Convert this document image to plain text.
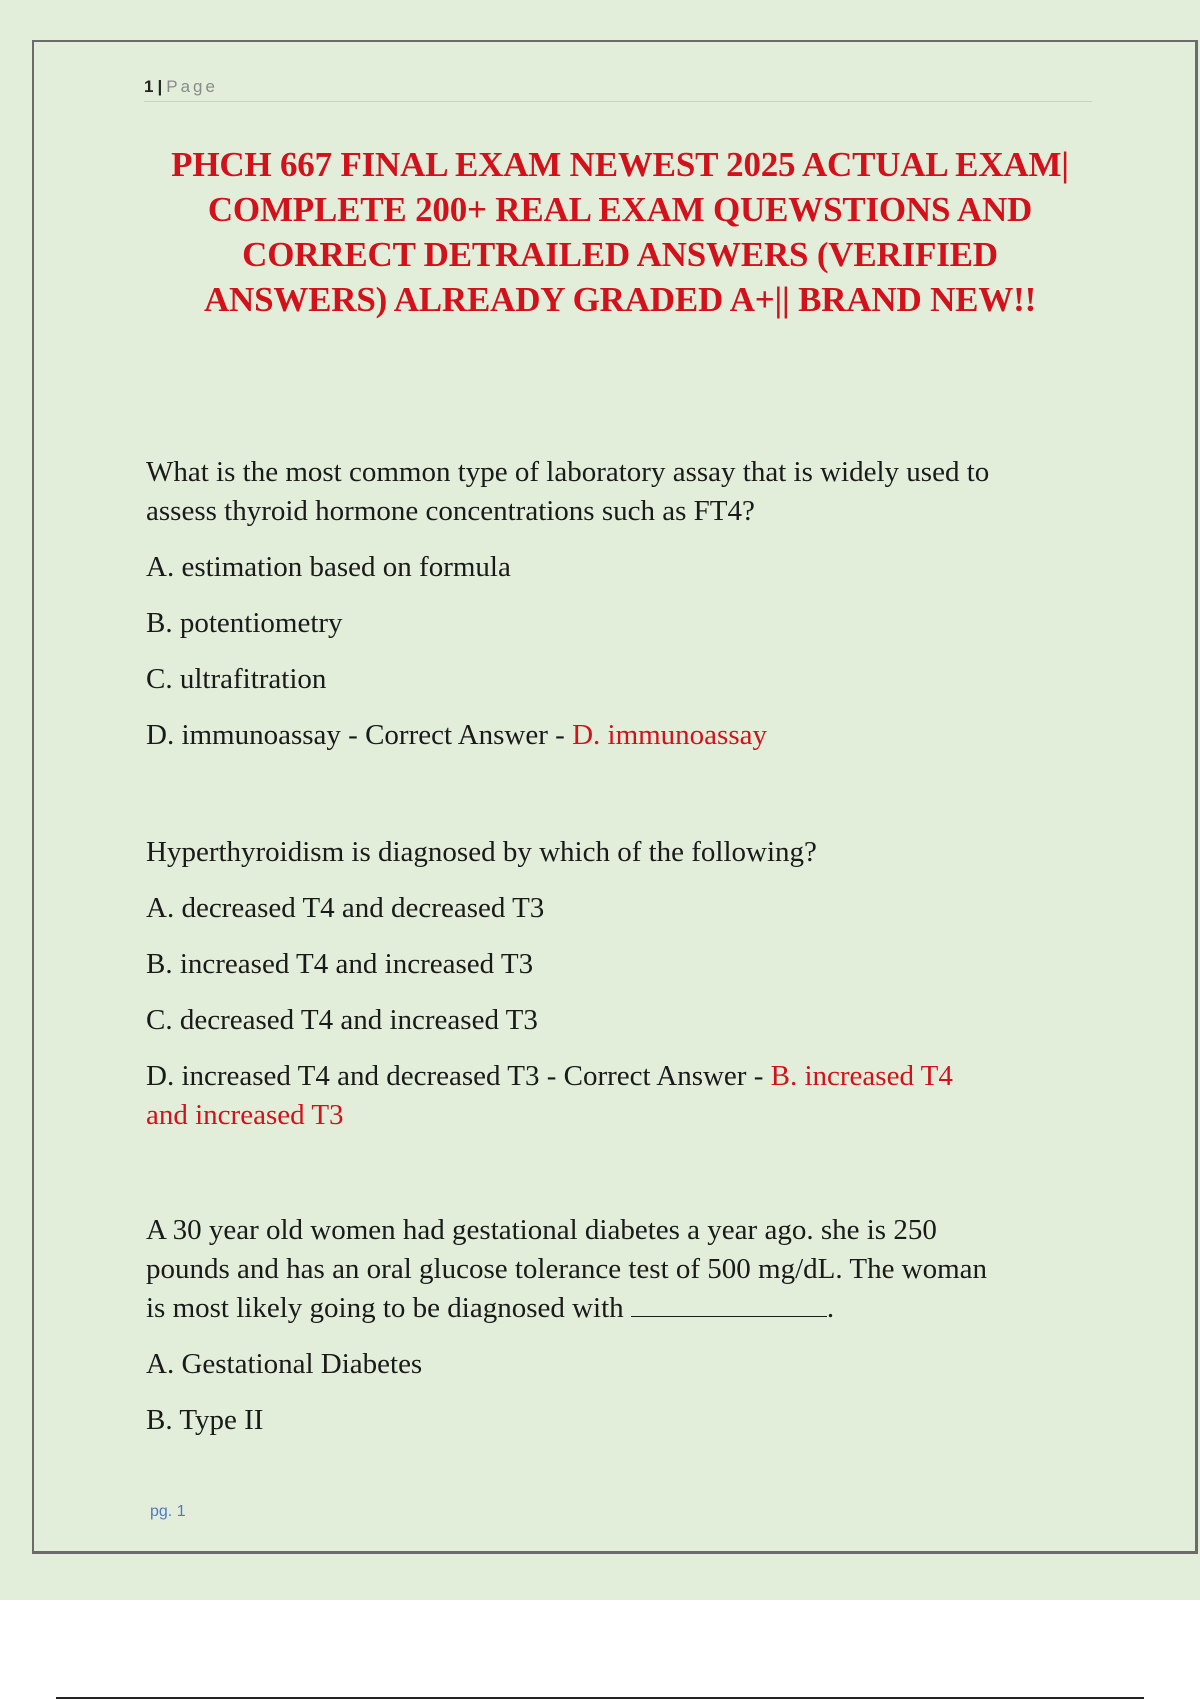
1 | Page
PHCH 667 FINAL EXAM NEWEST 2025 ACTUAL EXAM|
COMPLETE 200+ REAL EXAM QUEWSTIONS AND
CORRECT DETRAILED ANSWERS (VERIFIED
ANSWERS) ALREADY GRADED A+|| BRAND NEW!!

What is the most common type of laboratory assay that is widely used to
assess thyroid hormone concentrations such as FT4?

A. estimation based on formula

B. potentiometry

C. ultrafitration

D. immunoassay - Correct Answer - D. immunoassay

Hyperthyroidism is diagnosed by which of the following?

A. decreased T4 and decreased T3

B. increased T4 and increased T3

C. decreased T4 and increased T3

D. increased T4 and decreased T3 - Correct Answer - B. increased T4
and increased T3

A 30 year old women had gestational diabetes a year ago. she is 250
pounds and has an oral glucose tolerance test of 500 mg/dL. The woman
is most likely going to be diagnosed with	.

A. Gestational Diabetes

B. Type II

pg. 1
